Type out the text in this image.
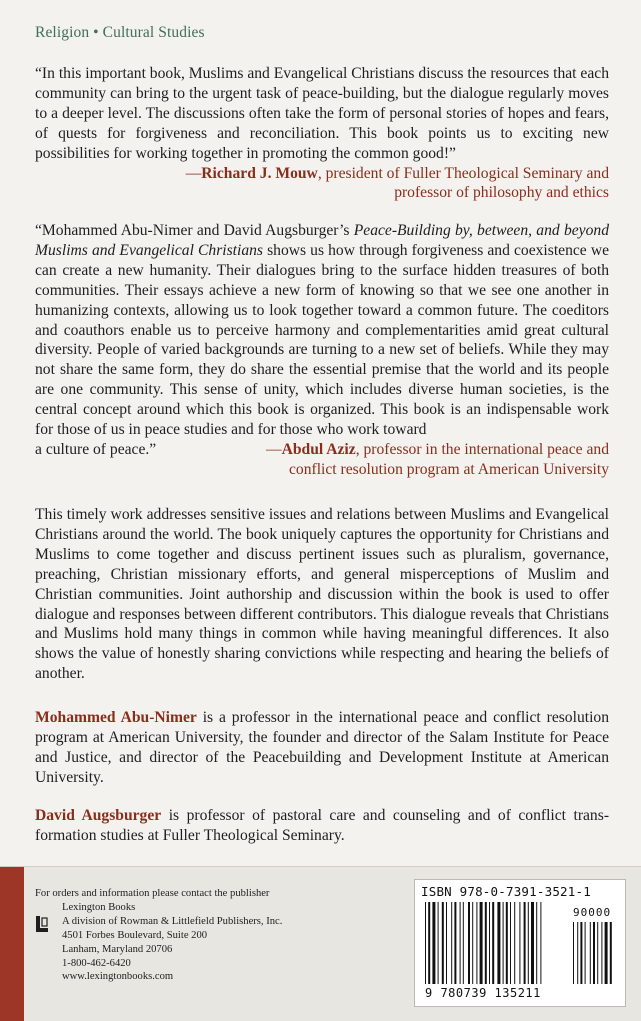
Religion • Cultural Studies

“In this important book, Muslims and Evangelical Christians discuss the resources that each community can bring to the urgent task of peace-building, but the dialogue regularly moves to a deeper level. The discussions often take the form of personal stories of hopes and fears, of quests for forgiveness and reconciliation. This book points us to exciting new possibilities for working together in promoting the common good!”

—Richard J. Mouw, president of Fuller Theological Seminary and
professor of philosophy and ethics

“Mohammed Abu-Nimer and David Augsburger’s Peace-Building by, between, and beyond Muslims and Evangelical Christians shows us how through forgiveness and coexistence we can create a new humanity. Their dialogues bring to the surface hidden treasures of both communities. Their essays achieve a new form of knowing so that we see one another in humanizing contexts, allowing us to look together toward a common future. The coeditors and coauthors enable us to perceive harmony and complementarities amid great cultural diversity. People of varied backgrounds are turning to a new set of beliefs. While they may not share the same form, they do share the essential premise that the world and its people are one community. This sense of unity, which includes diverse human societies, is the central concept around which this book is organized. This book is an indispensable work for those of us in peace studies and for those who work toward

a culture of peace.”	—Abdul Aziz, professor in the international peace and
conflict resolution program at American University

This timely work addresses sensitive issues and relations between Muslims and Evangelical Christians around the world. The book uniquely captures the opportunity for Christians and Muslims to come together and discuss pertinent issues such as pluralism, governance, preaching, Christian missionary efforts, and general misperceptions of Muslim and Christian communities. Joint authorship and discussion within the book is used to offer dialogue and responses between different contributors. This dialogue reveals that Christians and Muslims hold many things in common while having meaningful differences. It also shows the value of honestly sharing convictions while respecting and hearing the beliefs of another.

Mohammed Abu-Nimer is a professor in the international peace and conflict resolution program at American University, the founder and director of the Salam Institute for Peace and Justice, and director of the Peacebuilding and Development Institute at American University.

David Augsburger is professor of pastoral care and counseling and of conflict transformation studies at Fuller Theological Seminary.

For orders and information please contact the publisher
Lexington Books
A division of Rowman & Littlefield Publishers, Inc.
4501 Forbes Boulevard, Suite 200
Lanham, Maryland 20706
1-800-462-6420
www.lexingtonbooks.com
ISBN 978-0-7391-3521-1
90000
9 780739 135211
